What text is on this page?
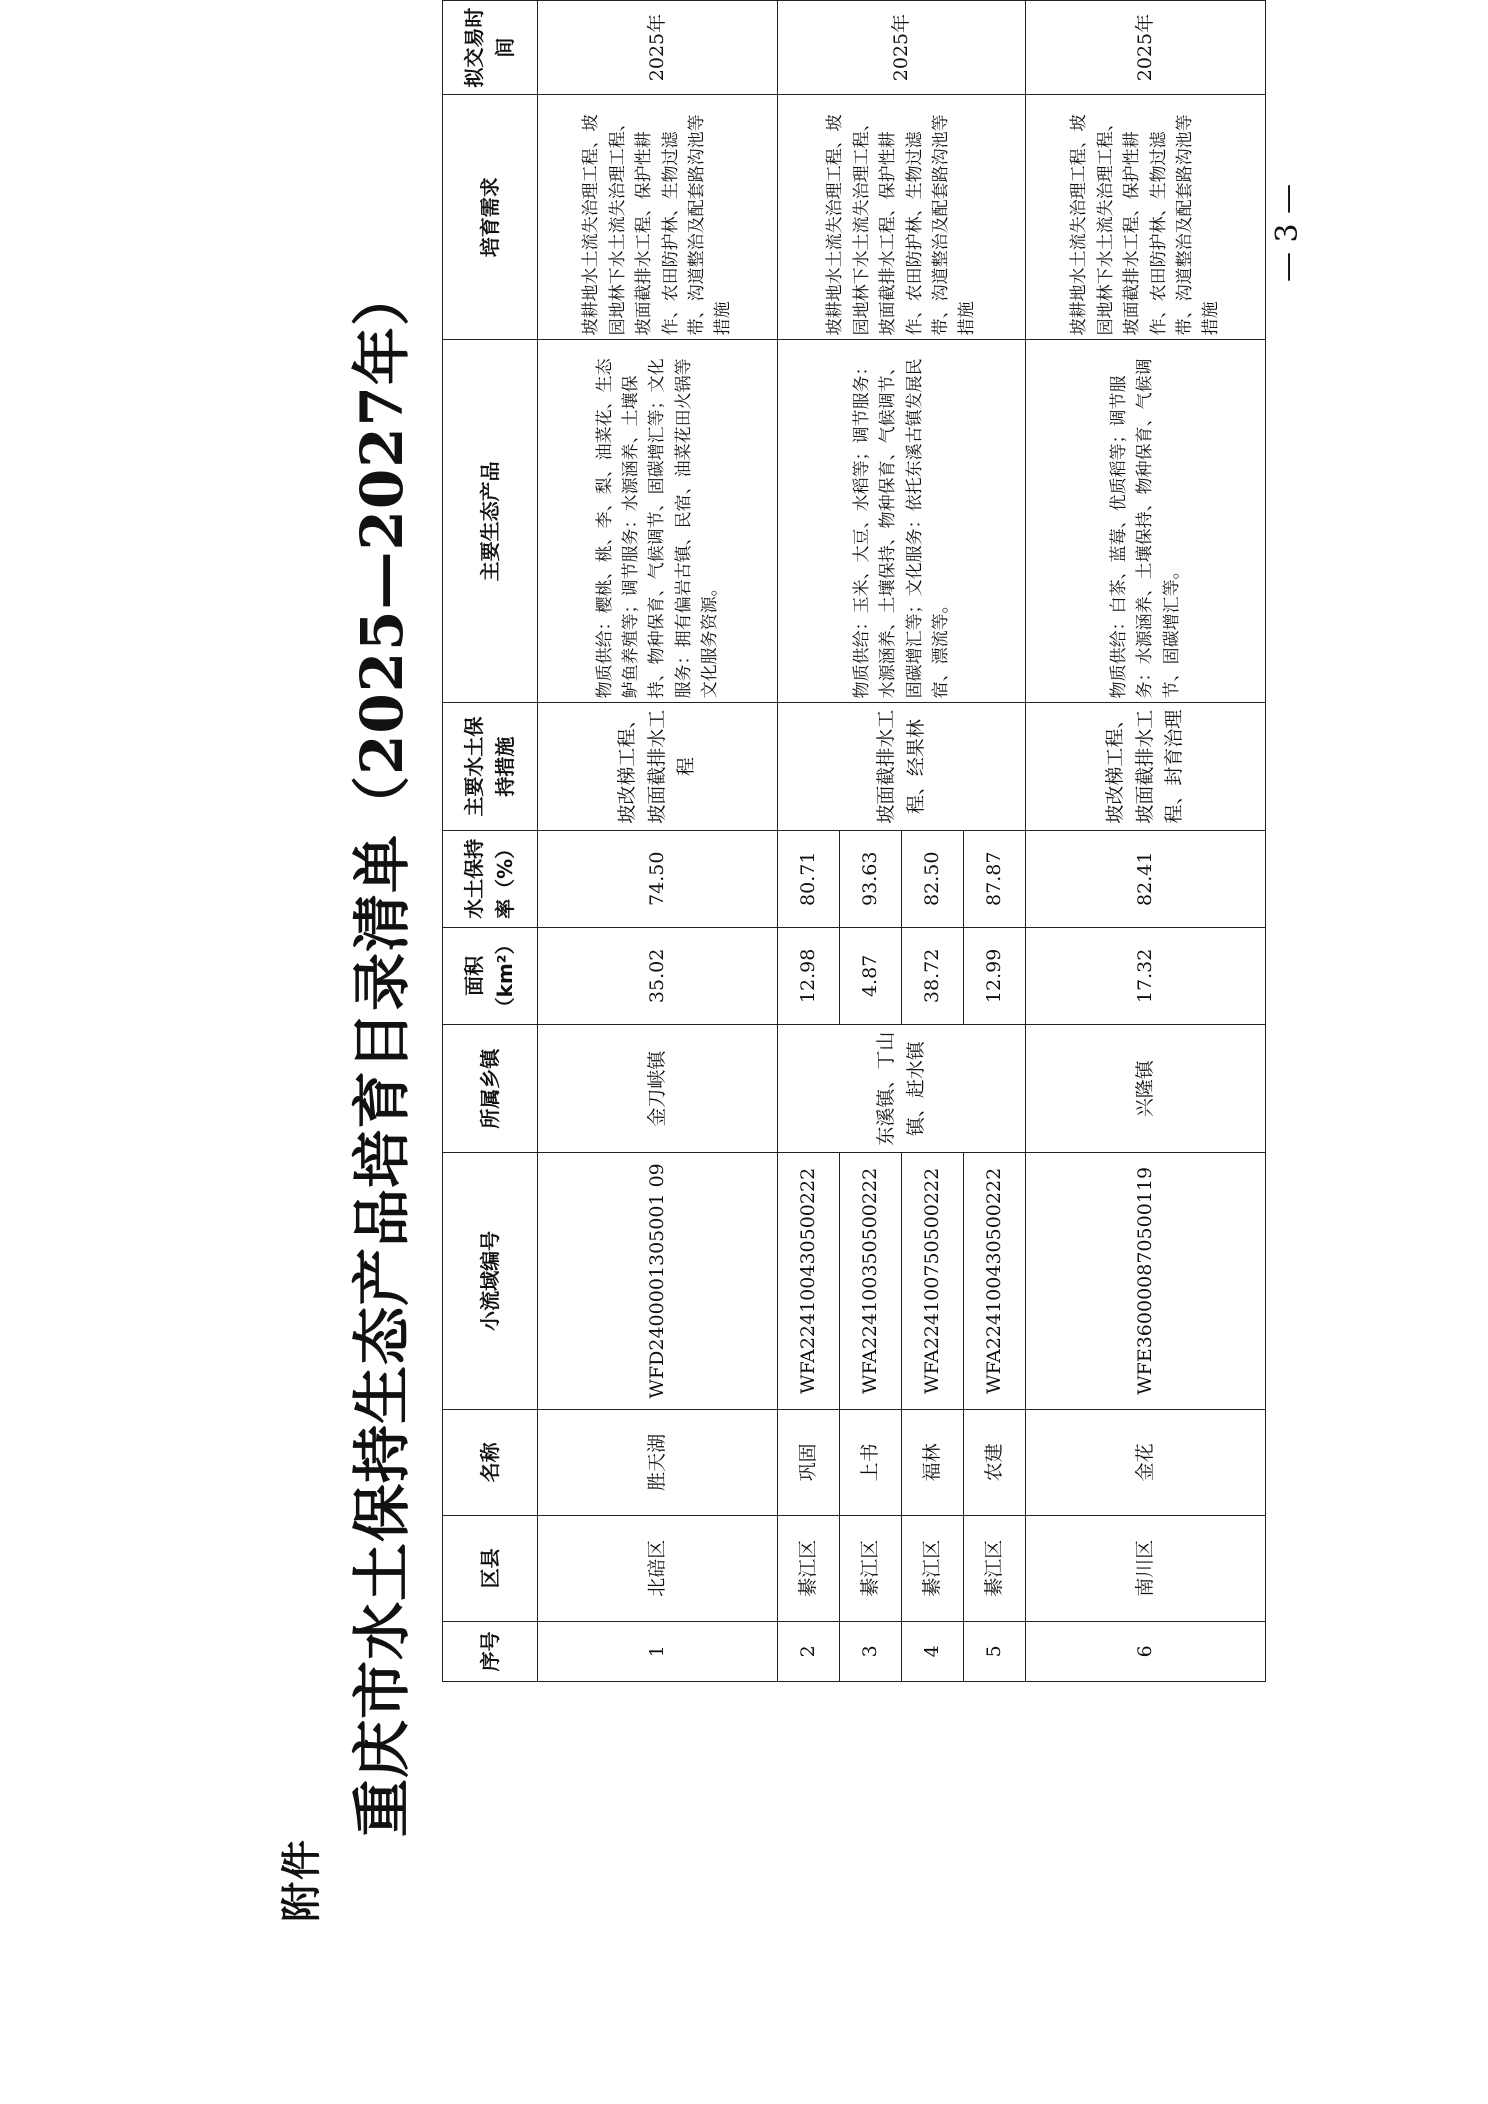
附件
重庆市水土保持生态产品培育目录清单（2025—2027年）	序号	区县	名称	小流域编号	所属乡镇	面积（km²）	水土保持率（%）	主要水土保持措施	主要生态产品	培育需求	拟交易时间
1	北碚区	胜天湖	WFD2400001305001 09	金刀峡镇	35.02	74.50	坡改梯工程、坡面截排水工程	物质供给：樱桃、桃、李、梨、油菜花、生态鲈鱼养殖等；调节服务：水源涵养、土壤保持、物种保育、气候调节、固碳增汇等；文化服务：拥有偏岩古镇、民宿、油菜花田火锅等文化服务资源。	坡耕地水土流失治理工程、坡园地林下水土流失治理工程、坡面截排水工程、保护性耕作、农田防护林、生物过滤带、沟道整治及配套路沟池等措施	2025年
2	綦江区	巩固	WFA224100430500222	东溪镇、丁山镇、赶水镇	12.98	80.71	坡面截排水工程、经果林	物质供给：玉米、大豆、水稻等；调节服务：水源涵养、土壤保持、物种保育、气候调节、固碳增汇等；文化服务：依托东溪古镇发展民宿、漂流等。	坡耕地水土流失治理工程、坡园地林下水土流失治理工程、坡面截排水工程、保护性耕作、农田防护林、生物过滤带、沟道整治及配套路沟池等措施	2025年
3	綦江区	上书	WFA224100350500222		4.87	93.63				
4	綦江区	福林	WFA224100750500222		38.72	82.50				
5	綦江区	农建	WFA224100430500222		12.99	87.87				
6	南川区	金花	WFE360000870500119	兴隆镇	17.32	82.41	坡改梯工程、坡面截排水工程、封育治理	物质供给：白茶、蓝莓、优质稻等；调节服务：水源涵养、土壤保持、物种保育、气候调节、固碳增汇等。	坡耕地水土流失治理工程、坡园地林下水土流失治理工程、坡面截排水工程、保护性耕作、农田防护林、生物过滤带、沟道整治及配套路沟池等措施	2025年
— 3 —
